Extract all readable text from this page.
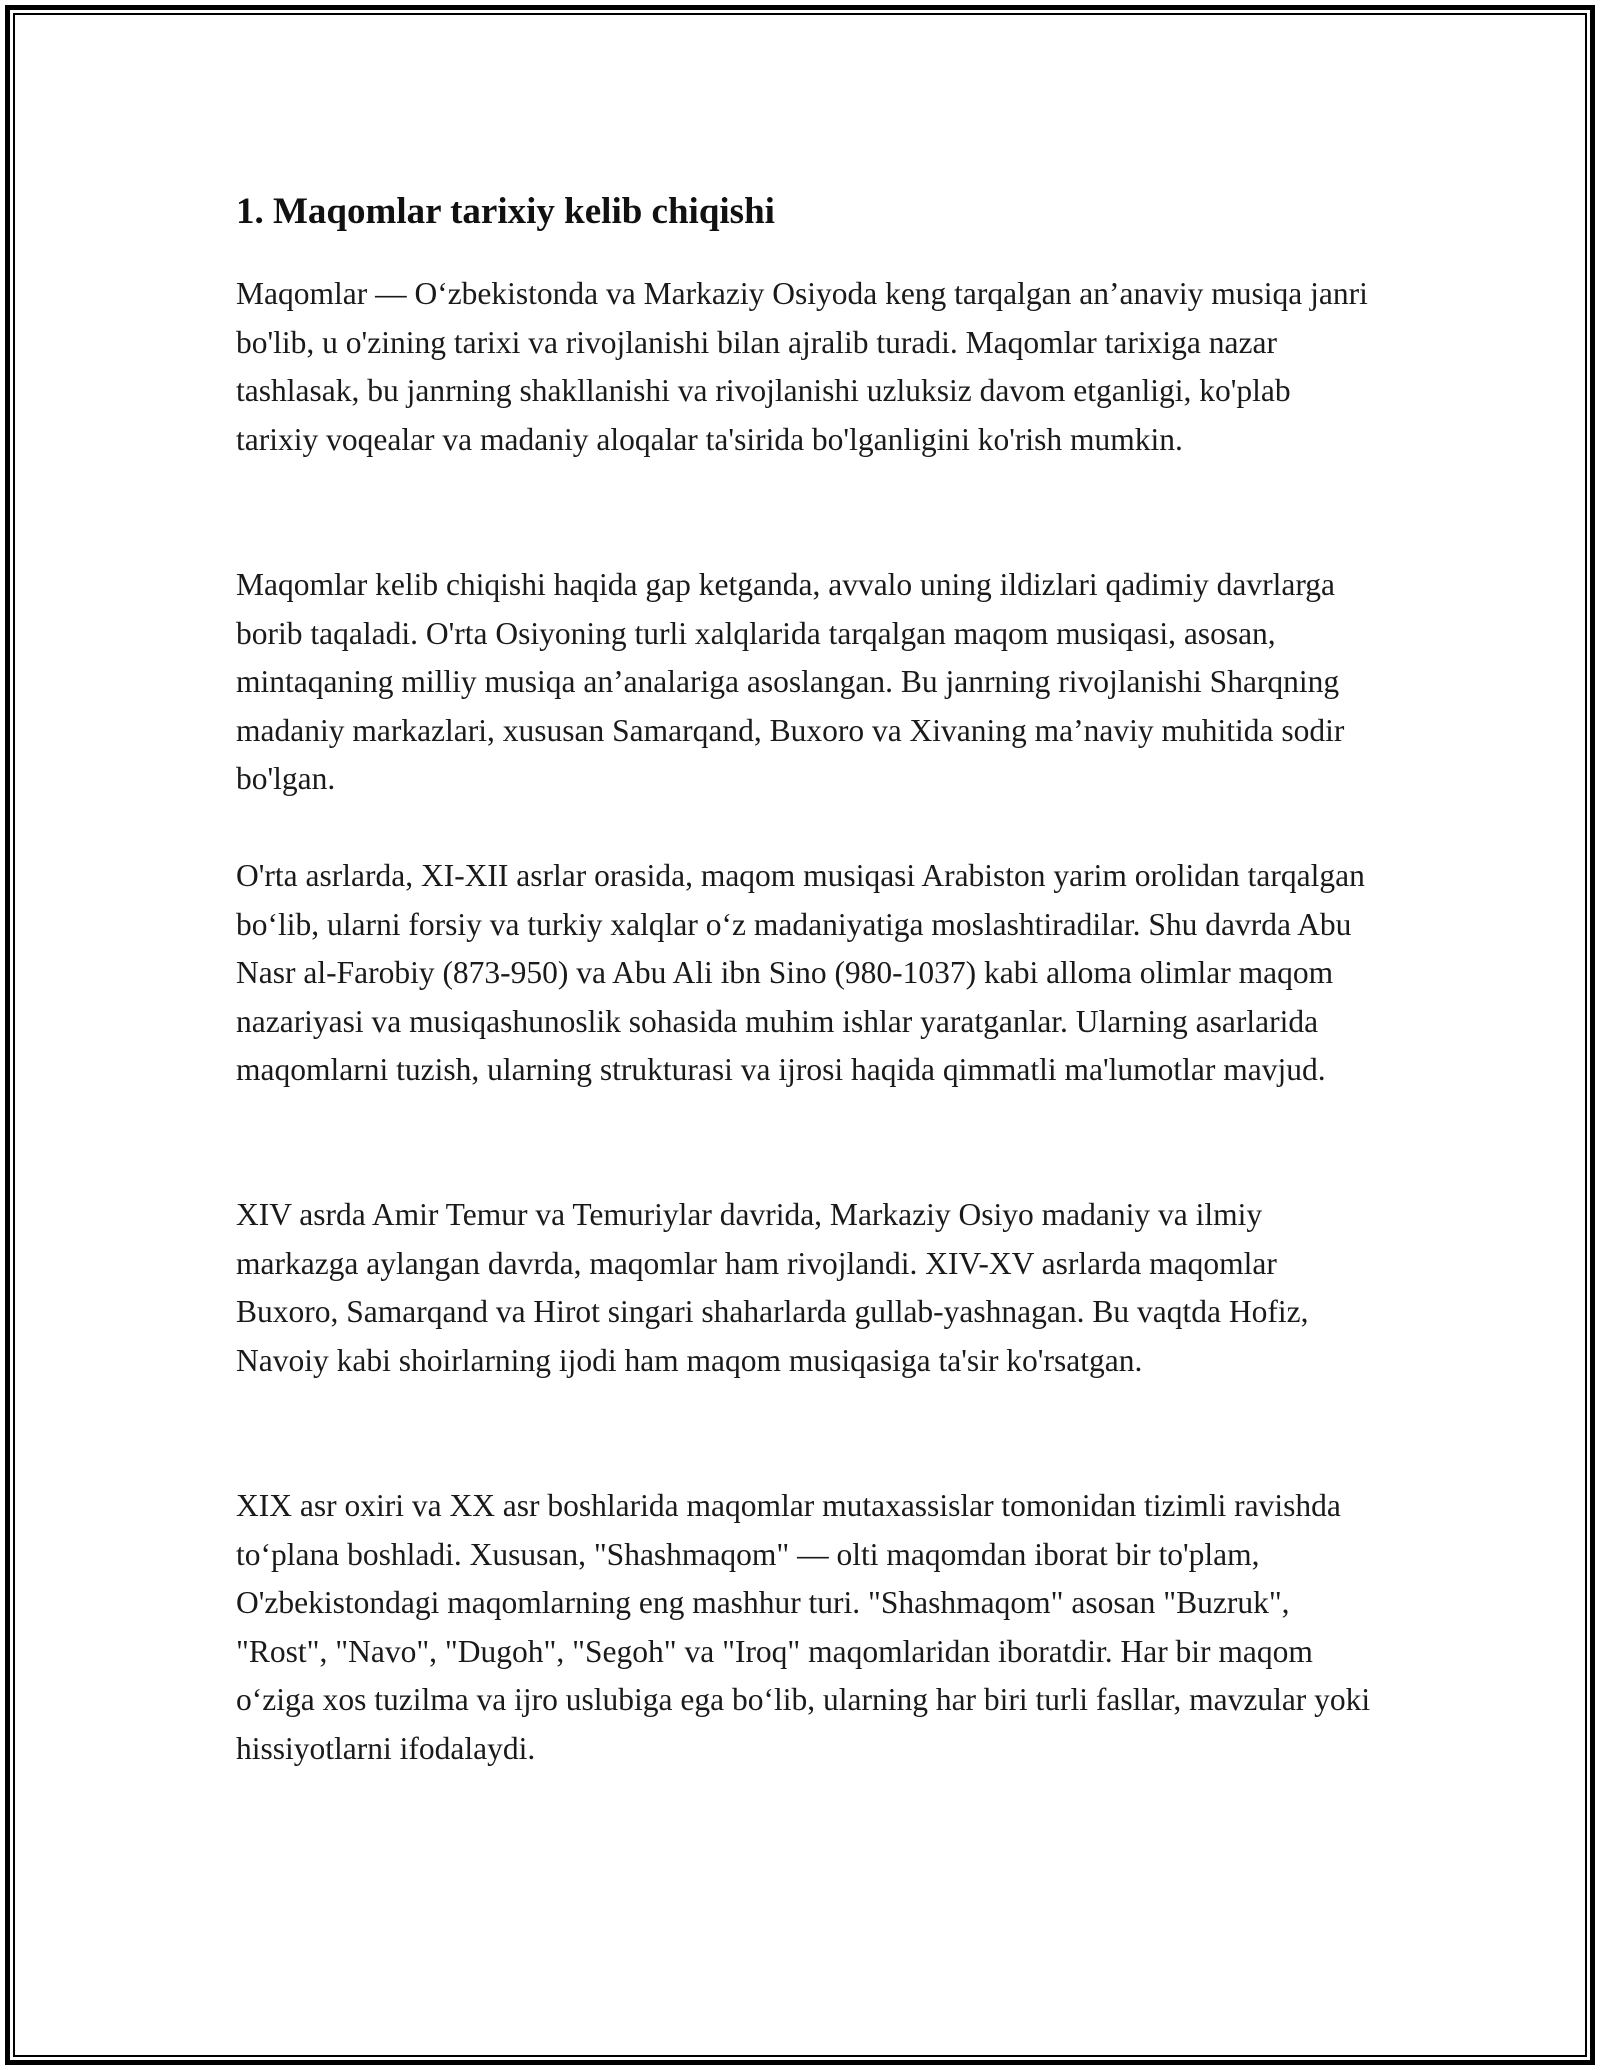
1. Maqomlar tarixiy kelib chiqishi

Maqomlar — O‘zbekistonda va Markaziy Osiyoda keng tarqalgan an’anaviy musiqa janri bo'lib, u o'zining tarixi va rivojlanishi bilan ajralib turadi. Maqomlar tarixiga nazar tashlasak, bu janrning shakllanishi va rivojlanishi uzluksiz davom etganligi, ko'plab tarixiy voqealar va madaniy aloqalar ta'sirida bo'lganligini ko'rish mumkin.

Maqomlar kelib chiqishi haqida gap ketganda, avvalo uning ildizlari qadimiy davrlarga borib taqaladi. O'rta Osiyoning turli xalqlarida tarqalgan maqom musiqasi, asosan, mintaqaning milliy musiqa an’analariga asoslangan. Bu janrning rivojlanishi Sharqning madaniy markazlari, xususan Samarqand, Buxoro va Xivaning ma’naviy muhitida sodir bo'lgan.

O'rta asrlarda, XI-XII asrlar orasida, maqom musiqasi Arabiston yarim orolidan tarqalgan bo‘lib, ularni forsiy va turkiy xalqlar o‘z madaniyatiga moslashtiradilar. Shu davrda Abu Nasr al-Farobiy (873-950) va Abu Ali ibn Sino (980-1037) kabi alloma olimlar maqom nazariyasi va musiqashunoslik sohasida muhim ishlar yaratganlar. Ularning asarlarida maqomlarni tuzish, ularning strukturasi va ijrosi haqida qimmatli ma'lumotlar mavjud.

XIV asrda Amir Temur va Temuriylar davrida, Markaziy Osiyo madaniy va ilmiy markazga aylangan davrda, maqomlar ham rivojlandi. XIV-XV asrlarda maqomlar Buxoro, Samarqand va Hirot singari shaharlarda gullab-yashnagan. Bu vaqtda Hofiz, Navoiy kabi shoirlarning ijodi ham maqom musiqasiga ta'sir ko'rsatgan.

XIX asr oxiri va XX asr boshlarida maqomlar mutaxassislar tomonidan tizimli ravishda to‘plana boshladi. Xususan, "Shashmaqom" — olti maqomdan iborat bir to'plam, O'zbekistondagi maqomlarning eng mashhur turi. "Shashmaqom" asosan "Buzruk", "Rost", "Navo", "Dugoh", "Segoh" va "Iroq" maqomlaridan iboratdir. Har bir maqom o‘ziga xos tuzilma va ijro uslubiga ega bo‘lib, ularning har biri turli fasllar, mavzular yoki hissiyotlarni ifodalaydi.
